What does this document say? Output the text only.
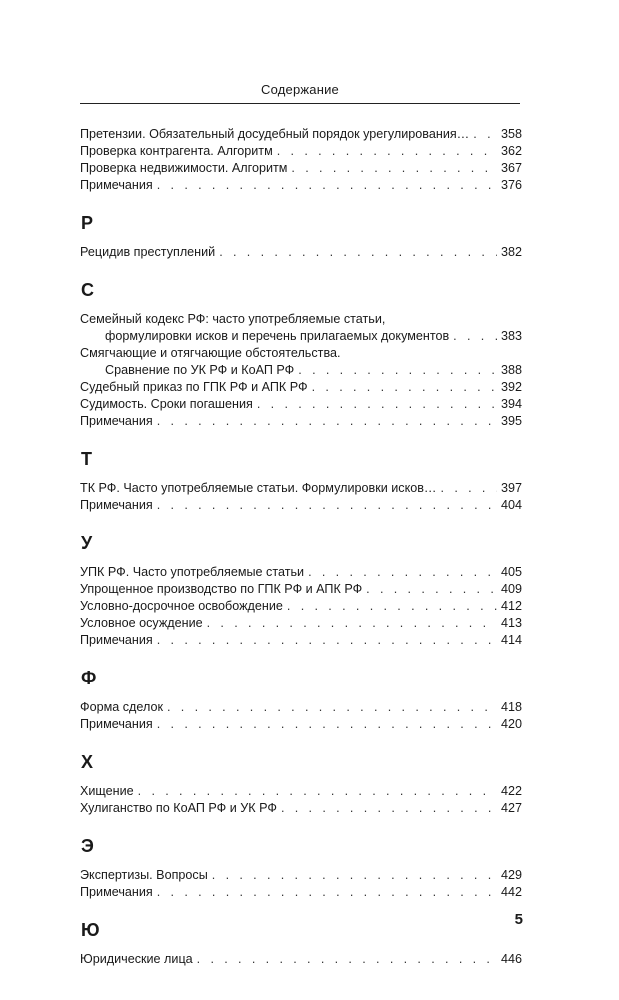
Содержание
Претензии. Обязательный досудебный порядок урегулирования… . . .	358
Проверка контрагента. Алгоритм . . .	362
Проверка недвижимости. Алгоритм . . .	367
Примечания . . .	376
Р
Рецидив преступлений . . .	382
С
Семейный кодекс РФ: часто употребляемые статьи,
формулировки исков и перечень прилагаемых документов . . .	383
Смягчающие и отягчающие обстоятельства.
Сравнение по УК РФ и КоАП РФ . . .	388
Судебный приказ по ГПК РФ и АПК РФ . . .	392
Судимость. Сроки погашения . . .	394
Примечания . . .	395
Т
ТК РФ. Часто употребляемые статьи. Формулировки исков… . . .	397
Примечания . . .	404
У
УПК РФ. Часто употребляемые статьи . . .	405
Упрощенное производство по ГПК РФ и АПК РФ . . .	409
Условно-досрочное освобождение . . .	412
Условное осуждение . . .	413
Примечания . . .	414
Ф
Форма сделок . . .	418
Примечания . . .	420
Х
Хищение . . .	422
Хулиганство по КоАП РФ и УК РФ . . .	427
Э
Экспертизы. Вопросы . . .	429
Примечания . . .	442
Ю
Юридические лица . . .	446
5
